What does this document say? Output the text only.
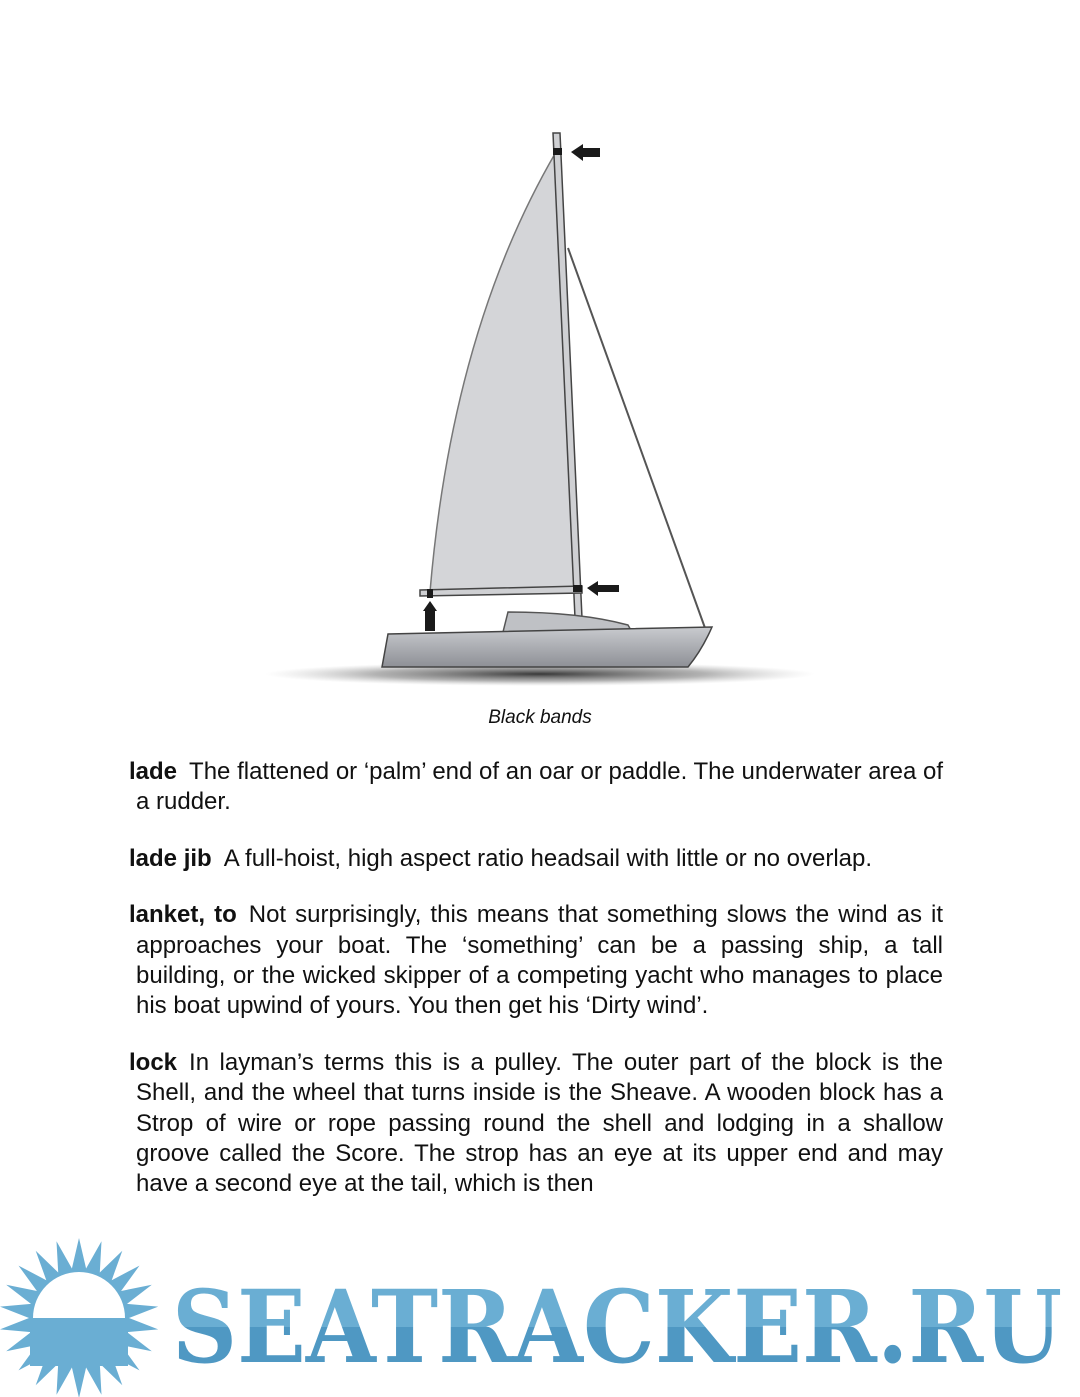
Black bands

lade The flattened or ‘palm’ end of an oar or paddle. The underwater area of a rudder.

lade jib A full-hoist, high aspect ratio headsail with little or no overlap.

lanket, to Not surprisingly, this means that something slows the wind as it approaches your boat. The ‘something’ can be a passing ship, a tall building, or the wicked skipper of a competing yacht who manages to place his boat upwind of yours. You then get his ‘Dirty wind’.

lock In layman’s terms this is a pulley. The outer part of the block is the Shell, and the wheel that turns inside is the Sheave. A wooden block has a Strop of wire or rope passing round the shell and lodging in a shallow groove called the Score. The strop has an eye at its upper end and may have a second eye at the tail, which is then

SEATRACKER.RU
